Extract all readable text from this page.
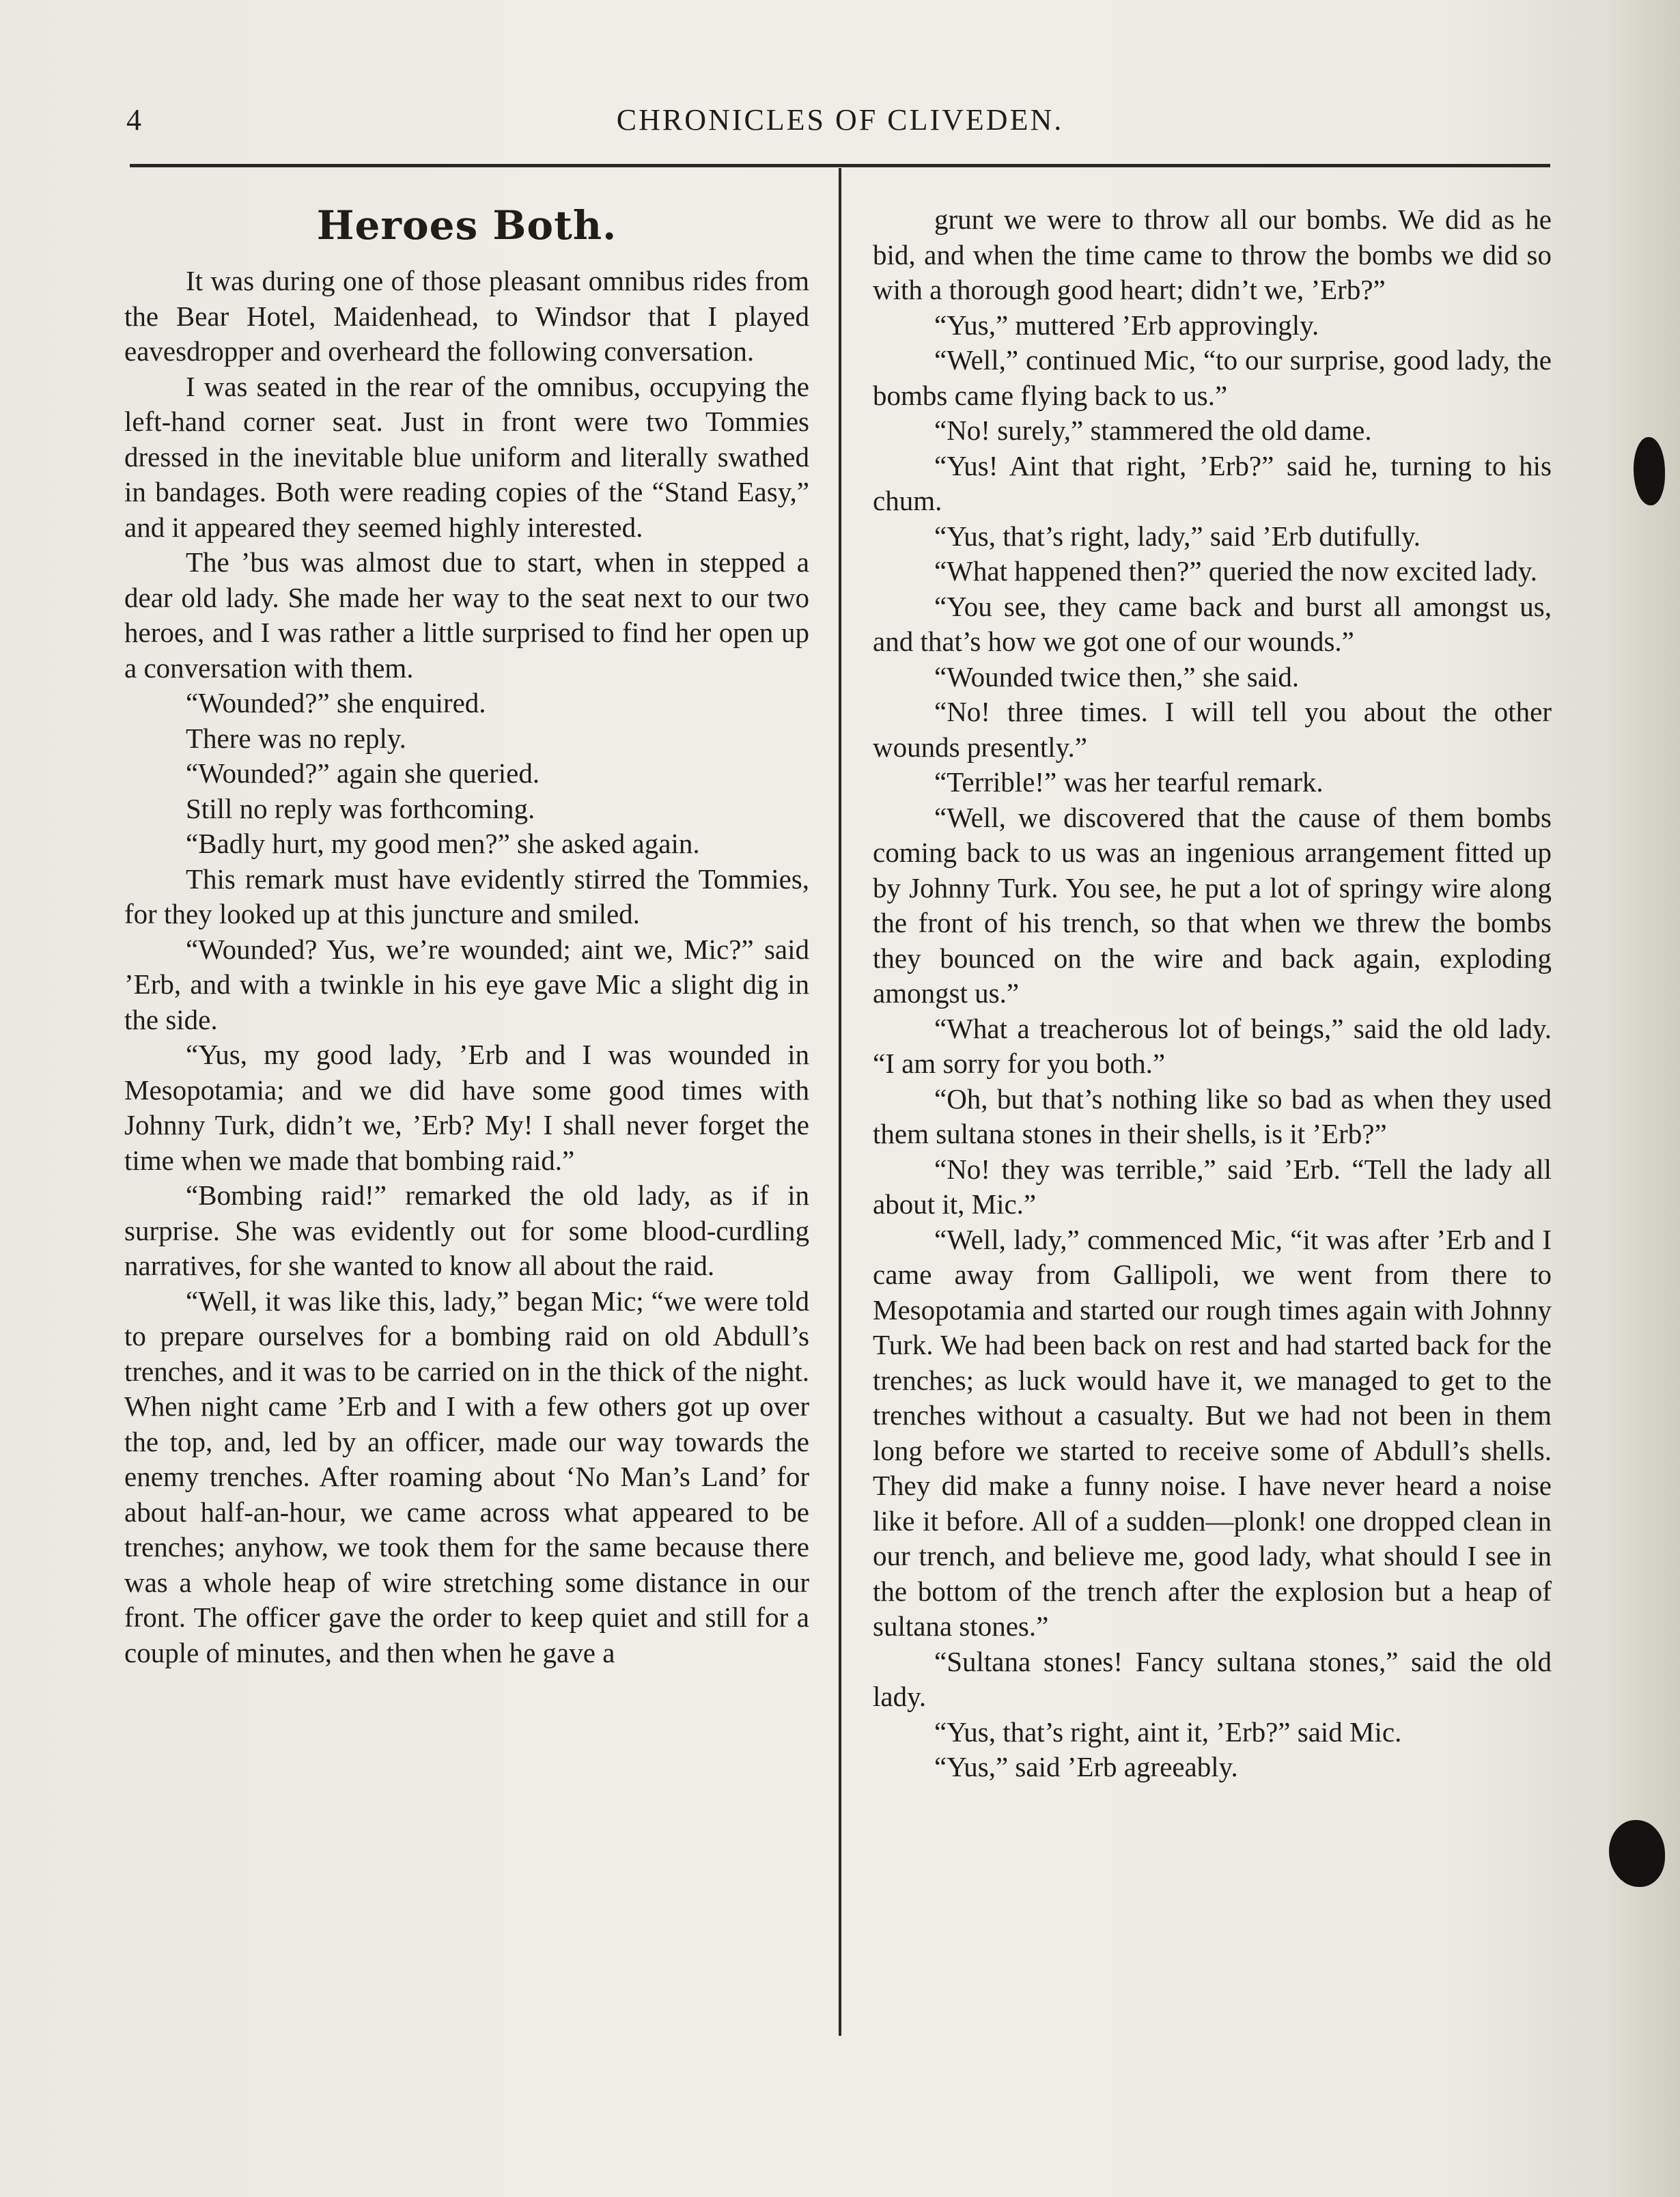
4	CHRONICLES OF CLIVEDEN.
Heroes Both.

It was during one of those pleasant omnibus rides from the Bear Hotel, Maidenhead, to Windsor that I played eavesdropper and overheard the following conversation.

I was seated in the rear of the omnibus, occupying the left-hand corner seat. Just in front were two Tommies dressed in the inevitable blue uniform and literally swathed in bandages. Both were reading copies of the “Stand Easy,” and it appeared they seemed highly interested.

The ’bus was almost due to start, when in stepped a dear old lady. She made her way to the seat next to our two heroes, and I was rather a little surprised to find her open up a conversation with them.

“Wounded?” she enquired.

There was no reply.

“Wounded?” again she queried.

Still no reply was forthcoming.

“Badly hurt, my good men?” she asked again.

This remark must have evidently stirred the Tommies, for they looked up at this juncture and smiled.

“Wounded? Yus, we’re wounded; aint we, Mic?” said ’Erb, and with a twinkle in his eye gave Mic a slight dig in the side.

“Yus, my good lady, ’Erb and I was wounded in Mesopotamia; and we did have some good times with Johnny Turk, didn’t we, ’Erb? My! I shall never forget the time when we made that bombing raid.”

“Bombing raid!” remarked the old lady, as if in surprise. She was evidently out for some blood-curdling narratives, for she wanted to know all about the raid.

“Well, it was like this, lady,” began Mic; “we were told to prepare ourselves for a bombing raid on old Abdull’s trenches, and it was to be carried on in the thick of the night. When night came ’Erb and I with a few others got up over the top, and, led by an officer, made our way towards the enemy trenches. After roaming about ‘No Man’s Land’ for about half-an-hour, we came across what appeared to be trenches; anyhow, we took them for the same because there was a whole heap of wire stretching some distance in our front. The officer gave the order to keep quiet and still for a couple of minutes, and then when he gave a

grunt we were to throw all our bombs. We did as he bid, and when the time came to throw the bombs we did so with a thorough good heart; didn’t we, ’Erb?”

“Yus,” muttered ’Erb approvingly.

“Well,” continued Mic, “to our surprise, good lady, the bombs came flying back to us.”

“No! surely,” stammered the old dame.

“Yus! Aint that right, ’Erb?” said he, turning to his chum.

“Yus, that’s right, lady,” said ’Erb dutifully.

“What happened then?” queried the now excited lady.

“You see, they came back and burst all amongst us, and that’s how we got one of our wounds.”

“Wounded twice then,” she said.

“No! three times. I will tell you about the other wounds presently.”

“Terrible!” was her tearful remark.

“Well, we discovered that the cause of them bombs coming back to us was an ingenious arrangement fitted up by Johnny Turk. You see, he put a lot of springy wire along the front of his trench, so that when we threw the bombs they bounced on the wire and back again, exploding amongst us.”

“What a treacherous lot of beings,” said the old lady. “I am sorry for you both.”

“Oh, but that’s nothing like so bad as when they used them sultana stones in their shells, is it ’Erb?”

“No! they was terrible,” said ’Erb. “Tell the lady all about it, Mic.”

“Well, lady,” commenced Mic, “it was after ’Erb and I came away from Gallipoli, we went from there to Mesopotamia and started our rough times again with Johnny Turk. We had been back on rest and had started back for the trenches; as luck would have it, we managed to get to the trenches without a casualty. But we had not been in them long before we started to receive some of Abdull’s shells. They did make a funny noise. I have never heard a noise like it before. All of a sudden—plonk! one dropped clean in our trench, and believe me, good lady, what should I see in the bottom of the trench after the explosion but a heap of sultana stones.”

“Sultana stones! Fancy sultana stones,” said the old lady.

“Yus, that’s right, aint it, ’Erb?” said Mic.

“Yus,” said ’Erb agreeably.
